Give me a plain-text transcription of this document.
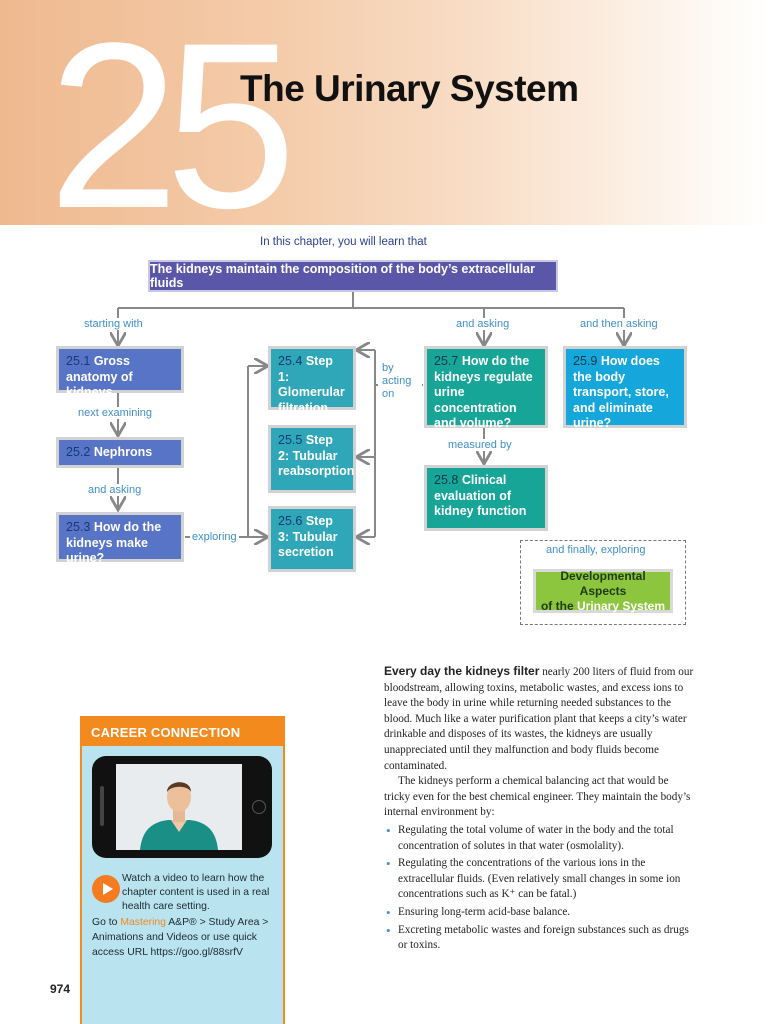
25
The Urinary System
In this chapter, you will learn that
The kidneys maintain the composition of the body’s extracellular fluids
starting with	and asking	and then asking
next examining
and asking
exploring
by acting on
measured by
25.1 Gross anatomy of kidneys
25.2 Nephrons
25.3 How do the kidneys make urine?
25.4 Step 1: Glomerular filtration
25.5 Step 2: Tubular reabsorption
25.6 Step 3: Tubular secretion
25.7 How do the kidneys regulate urine concentration and volume?
25.8 Clinical evaluation of kidney function
25.9 How does the body transport, store, and eliminate urine?
and finally, exploring
Developmental Aspects
of the Urinary System

Every day the kidneys filter nearly 200 liters of fluid from our bloodstream, allowing toxins, metabolic wastes, and excess ions to leave the body in urine while returning needed substances to the blood. Much like a water purification plant that keeps a city’s water drinkable and disposes of its wastes, the kidneys are usually unappreciated until they malfunction and body fluids become contaminated.

The kidneys perform a chemical balancing act that would be tricky even for the best chemical engineer. They maintain the body’s internal environment by:

• Regulating the total volume of water in the body and the total concentration of solutes in that water (osmolality).
• Regulating the concentrations of the various ions in the extracellular fluids. (Even relatively small changes in some ion concentrations such as K⁺ can be fatal.)
• Ensuring long-term acid-base balance.
• Excreting metabolic wastes and foreign substances such as drugs or toxins.
CAREER CONNECTION
Watch a video to learn how the chapter content is used in a real health care setting.
Go to Mastering A&P® > Study Area > Animations and Videos or use quick access URL https://goo.gl/88srfV
974
